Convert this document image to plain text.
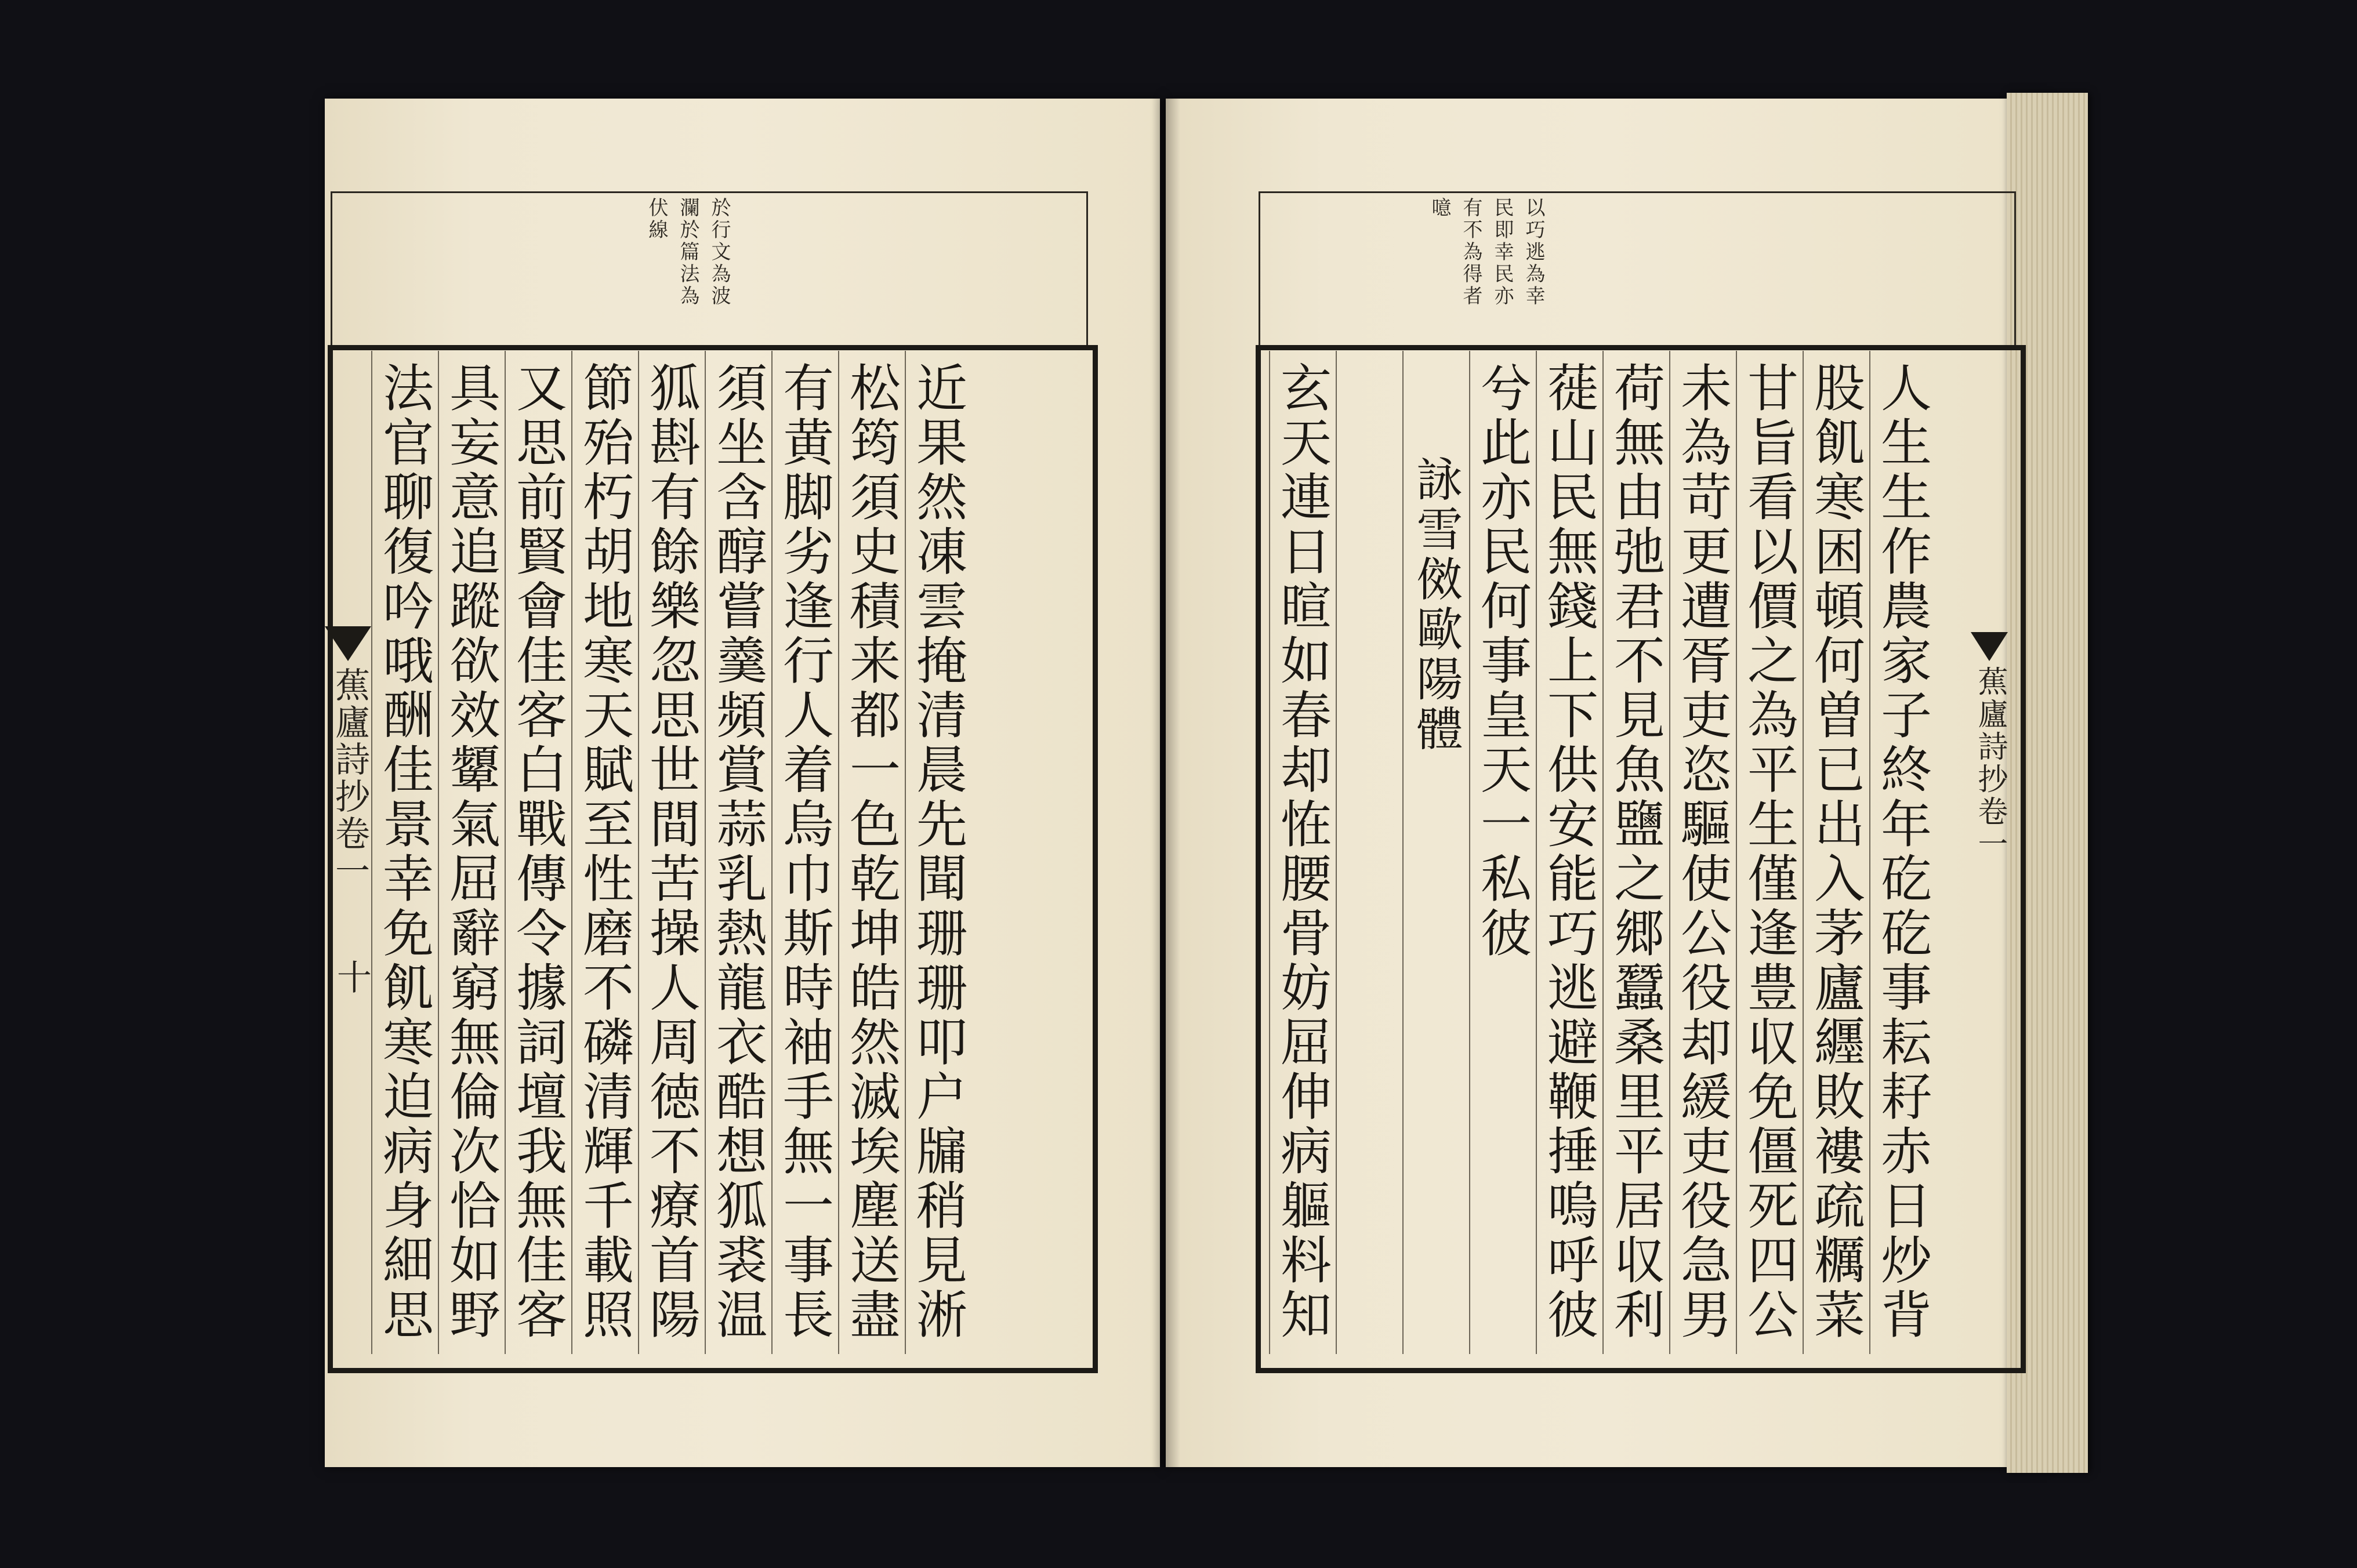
於行文為波
瀾於篇法為
伏線
近果然凍雲掩清晨先聞珊珊叩户牖稍見淅
松筠須史積来都一色乾坤皓然滅埃塵送盡
有黄脚劣逢行人着烏巾斯時袖手無一事長
須坐含醇嘗羹頻賞蒜乳熱龍衣酷想狐裘温
狐斟有餘樂忽思世間苦操人周徳不療首陽
節殆朽胡地寒天賦至性磨不磷清輝千載照
又思前賢會佳客白戰傳令據詞壇我無佳客
具妄意追蹤欲效顰氣屈辭窮無倫次恰如野
法官聊復吟哦酬佳景幸免飢寒迫病身細思
蕉廬詩抄卷一
十
以巧逃為幸
民即幸民亦
有不為得者
噫
人生生作農家子終年矻矻事耘耔赤日炒背
股飢寒困頓何曽已出入茅廬纒敗褸疏糲菜
甘旨看以價之為平生僅逢豊収免僵死四公
未為苛更遭胥吏恣驅使公役却緩吏役急男
荷無由弛君不見魚鹽之郷蠶桑里平居収利
蓰山民無錢上下供安能巧逃避鞭捶嗚呼彼
兮此亦民何事皇天一私彼
詠雪傚歐陽體
玄天連日暄如春却恠腰骨妨屈伸病軀料知
蕉廬詩抄卷一
